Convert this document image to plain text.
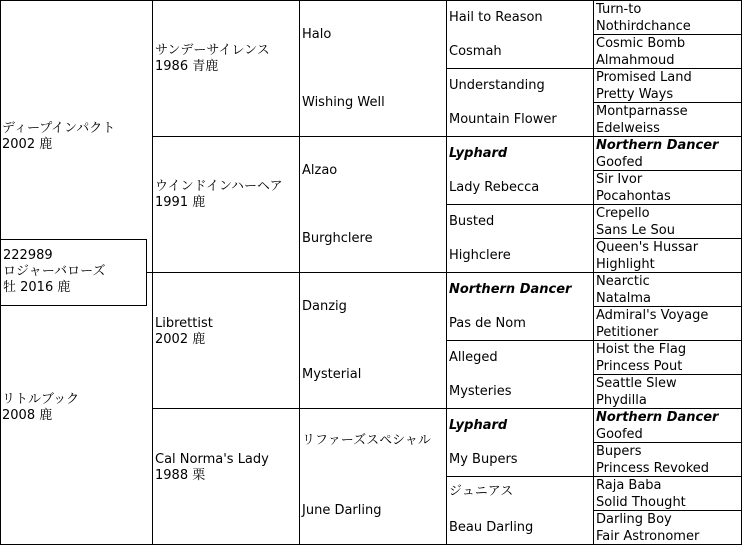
222989
ロジャーバローズ
牡 2016 鹿
ディープインパクト
2002 鹿
リトルブック
2008 鹿
サンデーサイレンス
1986 青鹿
ウインドインハーヘア
1991 鹿
Librettist
2002 鹿
Cal Norma's Lady
1988 栗
Halo
Wishing Well
Alzao
Burghclere
Danzig
Mysterial
リファーズスペシャル
June Darling
Hail to Reason
Cosmah
Understanding
Mountain Flower
Lyphard
Lady Rebecca
Busted
Highclere
Northern Dancer
Pas de Nom
Alleged
Mysteries
Lyphard
My Bupers
ジュニアス
Beau Darling
Turn-to
Nothirdchance
Cosmic Bomb
Almahmoud
Promised Land
Pretty Ways
Montparnasse
Edelweiss
Northern Dancer
Goofed
Sir Ivor
Pocahontas
Crepello
Sans Le Sou
Queen's Hussar
Highlight
Nearctic
Natalma
Admiral's Voyage
Petitioner
Hoist the Flag
Princess Pout
Seattle Slew
Phydilla
Northern Dancer
Goofed
Bupers
Princess Revoked
Raja Baba
Solid Thought
Darling Boy
Fair Astronomer
